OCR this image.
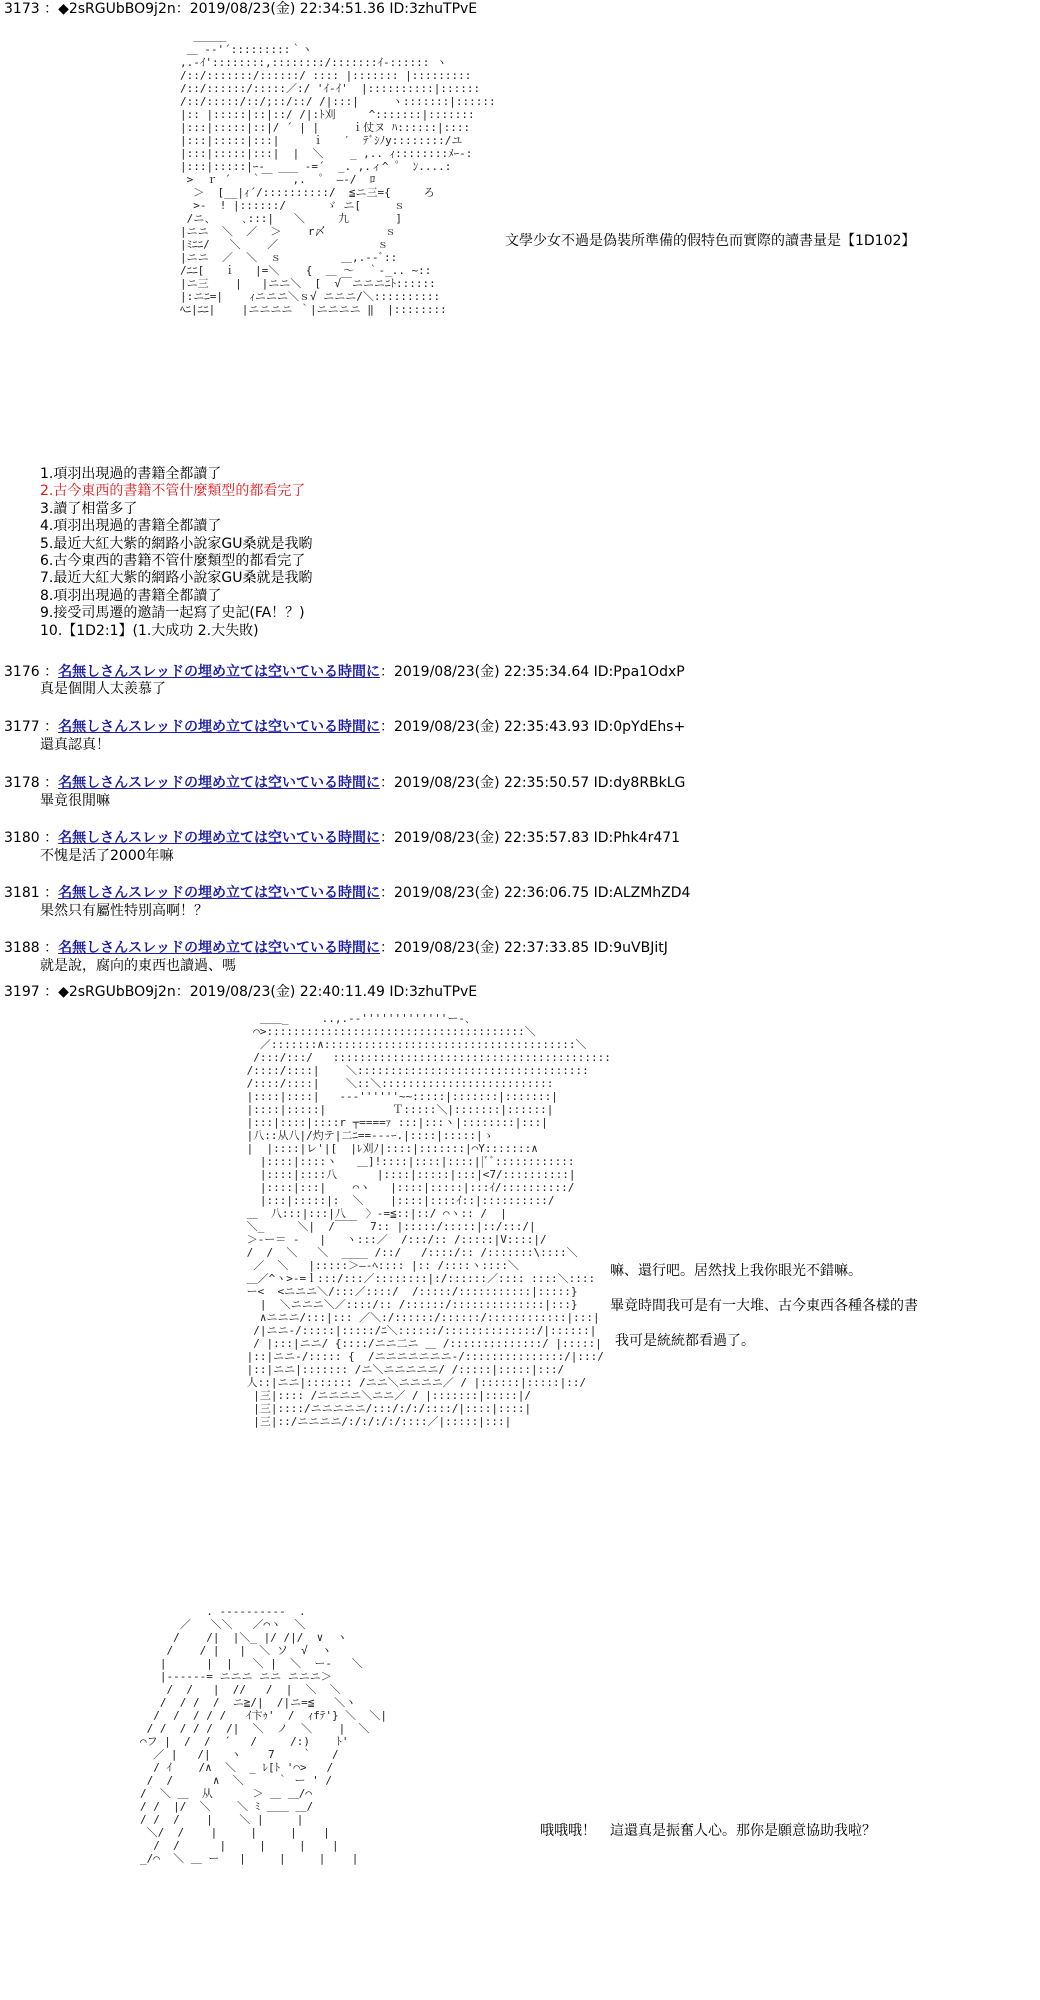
3173 ：◆2sRGUbBO9j2n：2019/08/23(金) 22:34:51.36 ID:3zhuTPvE
＿＿＿
＿ -‐'´:::::::::｀ヽ
,.-ｲ'::::::::,::::::::/:::::::ｲ-:::::: ヽ
/::/:::::::/::::::/ :::: |::::::: |:::::::::
/::/::::::/:::::／:/ 'ｲ-ｲ'  |::::::::::|::::::
/::/:::::/::/;::/::/ /|:::|     ヽ:::::::|::::::
|:: |:::::|::|::/ /|:ﾄ刈     ^:::::::|:::::::
|:::|:::::|::|/ ´ | |     ｉ仗ヌ ﾊ::::::|::::
|:::|:::::|:::|     ｉ   ′  ﾃﾞｼﾉy::::::::/ユ
|:::|:::::|:::|  |  ＼    _ ,.. ｨ::::::::ﾒｰ‐:
|:::|:::::|ｰ‐  ___ ‐=´  _. ,.ィ^ ゜ ﾝ....:
>  ｒ ´   ｀￣   ,.  ゜ ―‐/  ﾛ
＞  [__|ｨ´/::::::::::/  ≦ニ三={     ろ
>-  ! |::::::/      ゞ ニ[     ｓ
/ニ、    ､:::|   ＼     九       ]
|ニニ  ＼  ／  ＞    r〆         ｓ
|ﾐﾆﾆ/   ＼    ／               ｓ
|ニニ  ／  ＼  ｓ         ＿,.-‐ﾞ::
/ﾆﾆ[   ｉ   |=＼    {  ＿ 〜  ｀-_.. ~::
|ニ三    |   |ニニ＼  [  √￣ニニニﾆﾄ::::::
|:ニﾆ=|    ｨニニニ＼ｓ√ ニニニ/＼::::::::::
ﾍﾆ|ﾆﾆ|    |ニニニニ ｀|ニニニニ ‖  |::::::::
文學少女不過是偽裝所準備的假特色而實際的讀書量是【1D102】
1.項羽出現過的書籍全都讀了
2.古今東西的書籍不管什麼類型的都看完了
3.讀了相當多了
4.項羽出現過的書籍全都讀了
5.最近大紅大紫的網路小說家GU桑就是我喲
6.古今東西的書籍不管什麼類型的都看完了
7.最近大紅大紫的網路小說家GU桑就是我喲
8.項羽出現過的書籍全都讀了
9.接受司馬遷的邀請一起寫了史記(FA！？)
10.【1D2:1】(1.大成功 2.大失敗)
3176 ：名無しさんスレッドの埋め立ては空いている時間に：2019/08/23(金) 22:35:34.64 ID:Ppa1OdxP
真是個閒人太羨慕了
3177 ：名無しさんスレッドの埋め立ては空いている時間に：2019/08/23(金) 22:35:43.93 ID:0pYdEhs+
還真認真！
3178 ：名無しさんスレッドの埋め立ては空いている時間に：2019/08/23(金) 22:35:50.57 ID:dy8RBkLG
畢竟很閒嘛
3180 ：名無しさんスレッドの埋め立ては空いている時間に：2019/08/23(金) 22:35:57.83 ID:Phk4r471
不愧是活了2000年嘛
3181 ：名無しさんスレッドの埋め立ては空いている時間に：2019/08/23(金) 22:36:06.75 ID:ALZMhZD4
果然只有屬性特別高啊！？
3188 ：名無しさんスレッドの埋め立ては空いている時間に：2019/08/23(金) 22:37:33.85 ID:9uVBJitJ
就是說，腐向的東西也讀過、嗎
3197 ：◆2sRGUbBO9j2n：2019/08/23(金) 22:40:11.49 ID:3zhuTPvE
＿＿_     ..,.-‐'''''''''''''ー-､
⌒>:::::::::::::::::::::::::::::::::::::::＼
／:::::::∧::::::::::::::::::::::::::::::::::::::＼
/:::/:::/   ::::::::::::::::::::::::::::::::::::::::::
/::::/::::|    ＼:::::::::::::::::::::::::::::::::::
/::::/::::|    ＼::＼::::::::::::::::::::::::::
|::::|::::|   ‐‐-''''''~~:::::|:::::::|:::::::|
|::::|:::::|          Ｔ:::::＼|:::::::|::::::|
|:::|::::|::::r ┬====ｧ :::|:::ヽ|::::::::|:::|
|八::从八|/灼テ|二ﾆ==‐‐-ｰ.|::::|:::::|ゝ
|  |::::|レ'|[  |ﾚ刈ﾉ|::::|:::::::|⌒Y:::::::∧
|::::|::::ヽ   ＿]!::::|::::|::::||ﾞﾞ::::::::::::
|::::|::::八      |::::|:::::|:::|<7/::::::::::|
|::::|:::|    ⌒ヽ   |::::|:::::|:::ｲ/::::::::::/
|:::|:::::|:  ＼    |::::|::::ｲ::|::::::::::/
＿  八:::|:::|八   〉-=≦::|::/ ⌒ヽ:: /  |
＼_     ＼|  /￣￣  7:: |:::::/:::::|::/:::/|
＞‐ー＝ -   |   ヽ:::／  /:::/:: /:::::|V::::|/
/  /  ＼   ＼  ____ /::/   /::::/:: /:::::::\::::＼
／  ＼   |:::::＞―‐ﾍ:::: |:: /::::ヽ::::＼
＿／^ヽ>-=ｌ:::/:::／::::::::|:/::::::／:::: ::::＼::::
ー<  <ニニニ＼/:::／::::/  /:::::/:::::::::::|:::::}
|  ＼ニニニ＼／::::/:: /::::::/::::::::::::::|:::}
∧ニニニ/:::|::: ／＼:/::::::/::::::/::::::::::::|:::|
/|ニニ-/:::::|:::::/ﾆ＼::::::/::::::::::::::/|::::::|
/ |:::|ニニ/ {::::/ニニ二ニ ＿ /::::::::::::::/ |:::::|
|::|ニニ-/::::: {  /ニニニニニニニ-/:::::::::::::::/|:::/
|::|ニニ|::::::: /ニ＼ニニニニニ/ /:::::|:::::|:::/
人::|ニニ|::::::: /ニニ＼ニニニニ／ / |::::::|:::::|::/
|三|:::: /ニニニニ＼ニニ／ / |:::::::|:::::|/
|三|::::/ニニニニニ/:::/:/:/::::/|::::|::::|
|三|::/ニニニニ/:/:/:/:/::::／|:::::|:::|
嘛、還行吧。居然找上我你眼光不錯嘛。
畢竟時間我可是有一大堆、古今東西各種各樣的書
我可是統統都看過了。
. -‐‐‐‐‐‐‐‐-  .
／   ＼＼   ／⌒ヽ  ＼
/    /|  |＼_ |/ /|/  ∨  ヽ
/    / |   |  ＼ ソ  √  ヽ
|      |  |   ＼ |  ＼  ー-   ＼
|‐‐‐‐‐-= ニニニ ニニ ニニニ＞
/  /   |  //   /  |  ＼  ＼
/  / /  /  ニ≧/|  /|ニ=≦   ＼ヽ
/  /  / / /   ｲ卞ｩ'  /  ｨfﾃ'} ＼  ＼|
/ /  / / /  /|  ＼  ノ  ＼    |  ＼
⌒フ |  /  /  ´   /     /:)    ﾄ'
／ |   /|   ヽ    7    ｀   /
/ ｲ    /∧  ＼  _ ﾚ[ﾄ '⌒>   /
/  /      ∧  ＼     ｀ ー ' /
/  ＼ ＿  从      ＞ ＿ ＿/⌒
/ /  |/  ＼    ＼ ﾐ ＿＿ ＿/
/ /  /    |    ＼ |     |
＼/  /    |     |     |    |
/  /      |     |     |    |
_/⌒  ＼ ＿ ー   |     |     |    |
哦哦哦！　這還真是振奮人心。那你是願意協助我啦？
